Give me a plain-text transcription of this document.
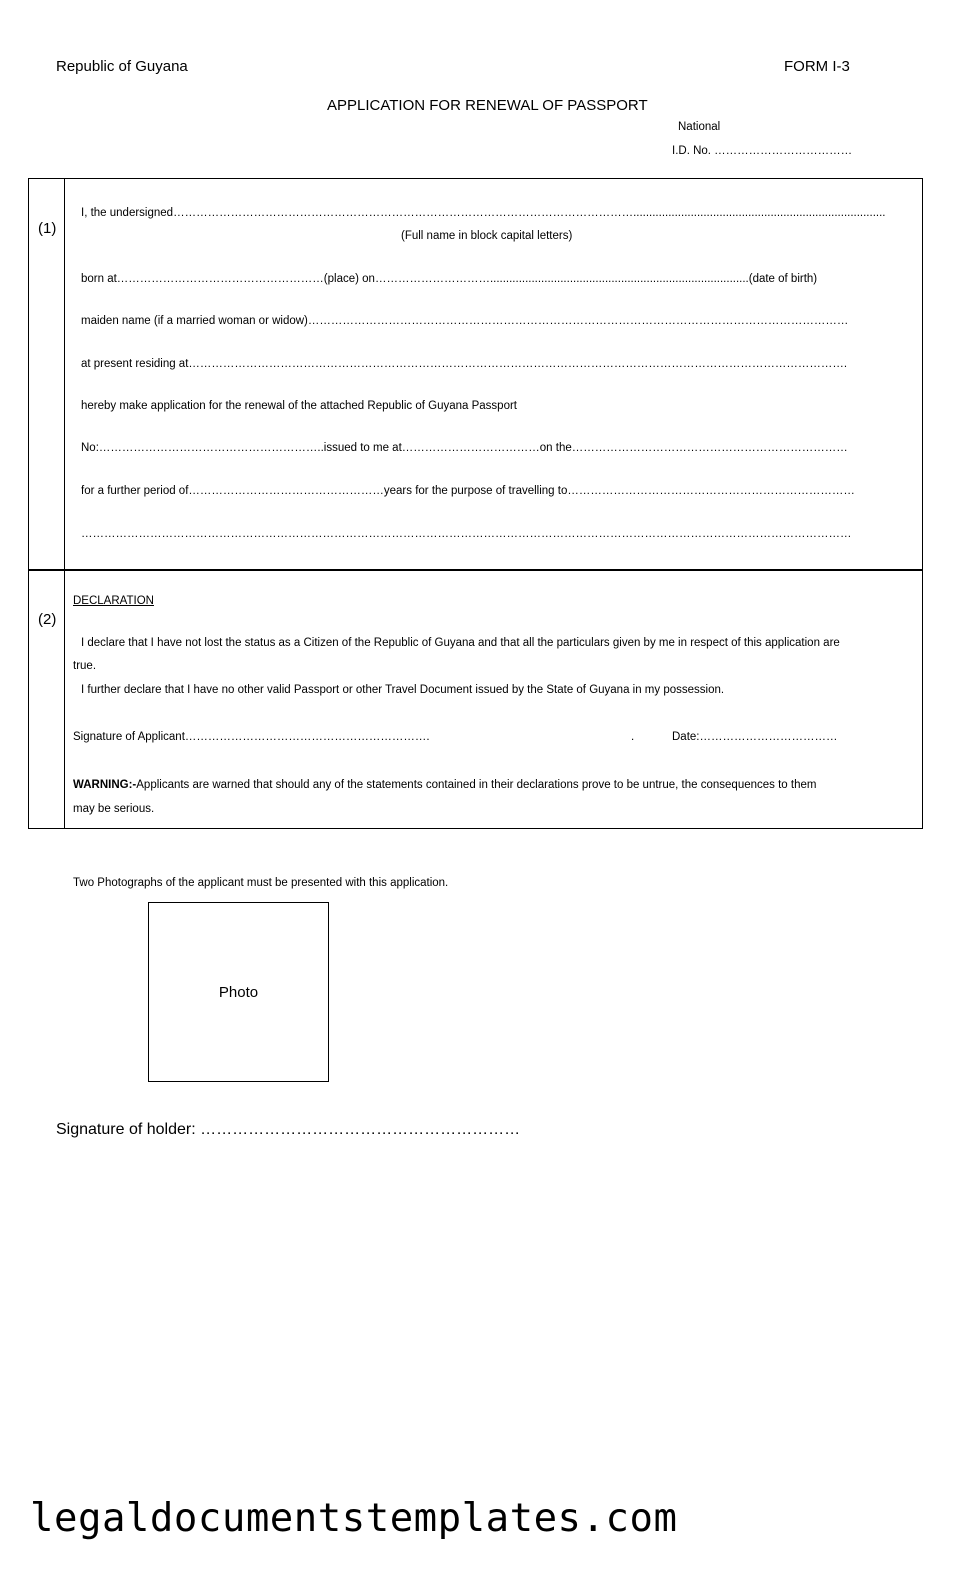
Republic of Guyana	FORM I-3
APPLICATION FOR RENEWAL OF PASSPORT
National
I.D. No. ………………………………
(1)
I, the undersigned…………………………………………………………………………………………………………...............................................................................
(Full name in block capital letters)
born at………………………………………………(place) on………………………….................................................................................(date of birth)
maiden name (if a married woman or widow)……………………………………………………………………………………………………………………………
at present residing at……………………………………………………………………………………………………………………………………………………….
hereby make application for the renewal of the attached Republic of Guyana Passport
No:…………………………………………………..issued to me at………………………………on the………………………………………………………………
for a further period of……………………………………………years for the purpose of travelling to…………………………………………………………………
…………………………………………………………………………………………………………………………………………………………………………………
(2)
DECLARATION
I declare that I have not lost the status as a Citizen of the Republic of Guyana and that all the particulars given by me in respect of this application are
true.
I further declare that I have no other valid Passport or other Travel Document issued by the State of Guyana in my possession.
Signature of Applicant……………………………………………………….	.	Date:………………………………
WARNING:-Applicants are warned that should any of the statements contained in their declarations prove to be untrue, the consequences to them
may be serious.
Two Photographs of the applicant must be presented with this application.
Photo
Signature of holder: ……………………………………………………
legaldocumentstemplates.com
